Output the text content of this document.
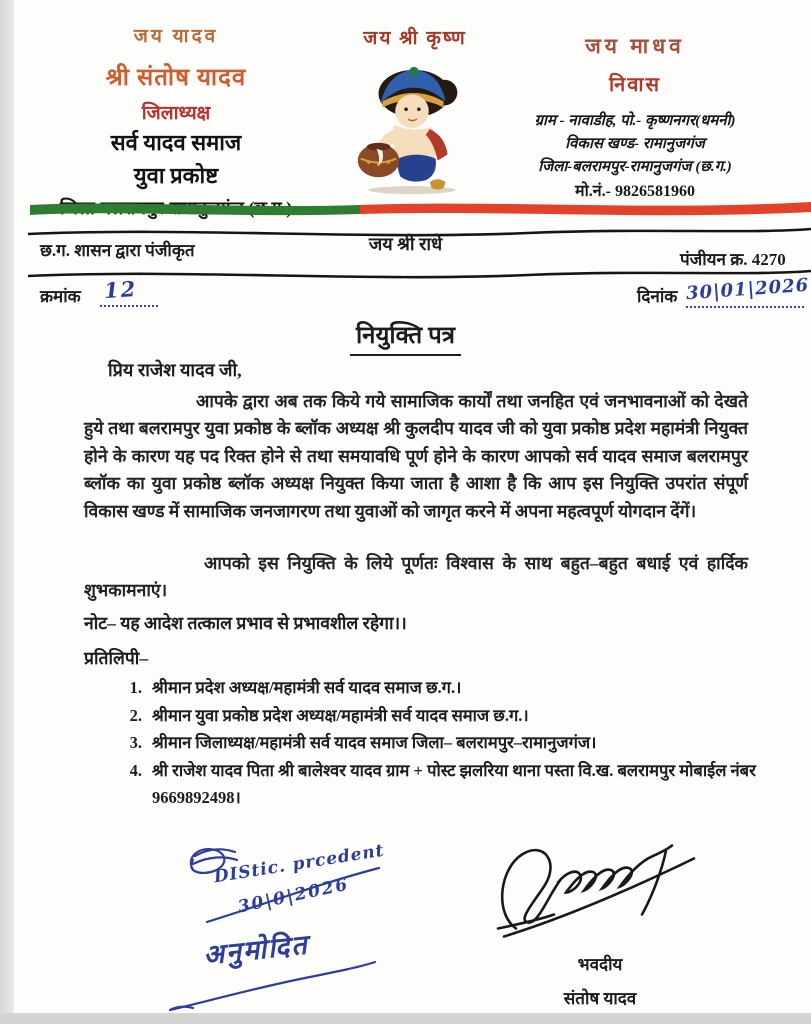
जय यादव
श्री संतोष यादव
जिलाध्यक्ष
सर्व यादव समाज
युवा प्रकोष्ट
जय श्री कृष्ण	जय माधव
निवास
ग्राम - नावाडीह, पो.- कृष्णनगर(धमनी)
विकास खण्ड- रामानुजगंज
जिला-बलरामपुर-रामानुजगंज (छ.ग.)
मो.नं.- 9826581960
छ.ग. शासन द्वारा पंजीकृत	जय श्री राधे
पंजीयन क्र. 4270
क्रमांक 12	दिनांक 30|01|2026
नियुक्ति पत्र
प्रिय राजेश यादव जी,
आपके द्वारा अब तक किये गये सामाजिक कार्यों तथा जनहित एवं जनभावनाओं को देखते हुये तथा बलरामपुर युवा प्रकोष्ठ के ब्लॉक अध्यक्ष श्री कुलदीप यादव जी को युवा प्रकोष्ठ प्रदेश महामंत्री नियुक्त होने के कारण यह पद रिक्त होने से तथा समयावधि पूर्ण होने के कारण आपको सर्व यादव समाज बलरामपुर ब्लॉक का युवा प्रकोष्ठ ब्लॉक अध्यक्ष नियुक्त किया जाता है आशा है कि आप इस नियुक्ति उपरांत संपूर्ण विकास खण्ड में सामाजिक जनजागरण तथा युवाओं को जागृत करने में अपना महत्वपूर्ण योगदान देंगें।
आपको इस नियुक्ति के लिये पूर्णतः विश्वास के साथ बहुत–बहुत बधाई एवं हार्दिक शुभकामनाएं।
नोट– यह आदेश तत्काल प्रभाव से प्रभावशील रहेगा।।
प्रतिलिपी–
1. श्रीमान प्रदेश अध्यक्ष/महामंत्री सर्व यादव समाज छ.ग.।
2. श्रीमान युवा प्रकोष्ठ प्रदेश अध्यक्ष/महामंत्री सर्व यादव समाज छ.ग.।
3. श्रीमान जिलाध्यक्ष/महामंत्री सर्व यादव समाज जिला– बलरामपुर–रामानुजगंज।
4. श्री राजेश यादव पिता श्री बालेश्वर यादव ग्राम + पोस्ट झलरिया थाना पस्ता वि.ख. बलरामपुर मोबाईल नंबर 9669892498।
DIStic. prcedent
30|0|2026
अनुमोदित	भवदीय
संतोष यादव
